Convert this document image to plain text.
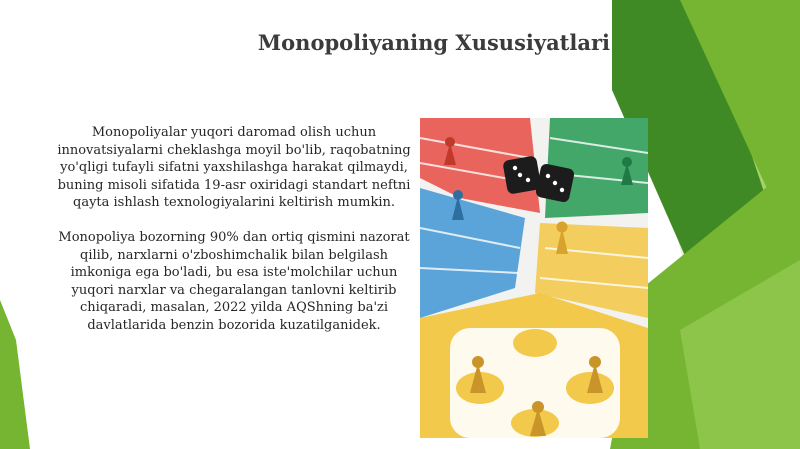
Monopoliyaning Xususiyatlari

Monopoliyalar yuqori daromad olish uchun innovatsiyalarni cheklashga moyil bo'lib, raqobatning yo'qligi tufayli sifatni yaxshilashga harakat qilmaydi, buning misoli sifatida 19-asr oxiridagi standart neftni qayta ishlash texnologiyalarini keltirish mumkin.

Monopoliya bozorning 90% dan ortiq qismini nazorat qilib, narxlarni o'zboshimchalik bilan belgilash imkoniga ega bo'ladi, bu esa iste'molchilar uchun yuqori narxlar va chegaralangan tanlovni keltirib chiqaradi, masalan, 2022 yilda AQShning ba'zi davlatlarida benzin bozorida kuzatilganidek.
